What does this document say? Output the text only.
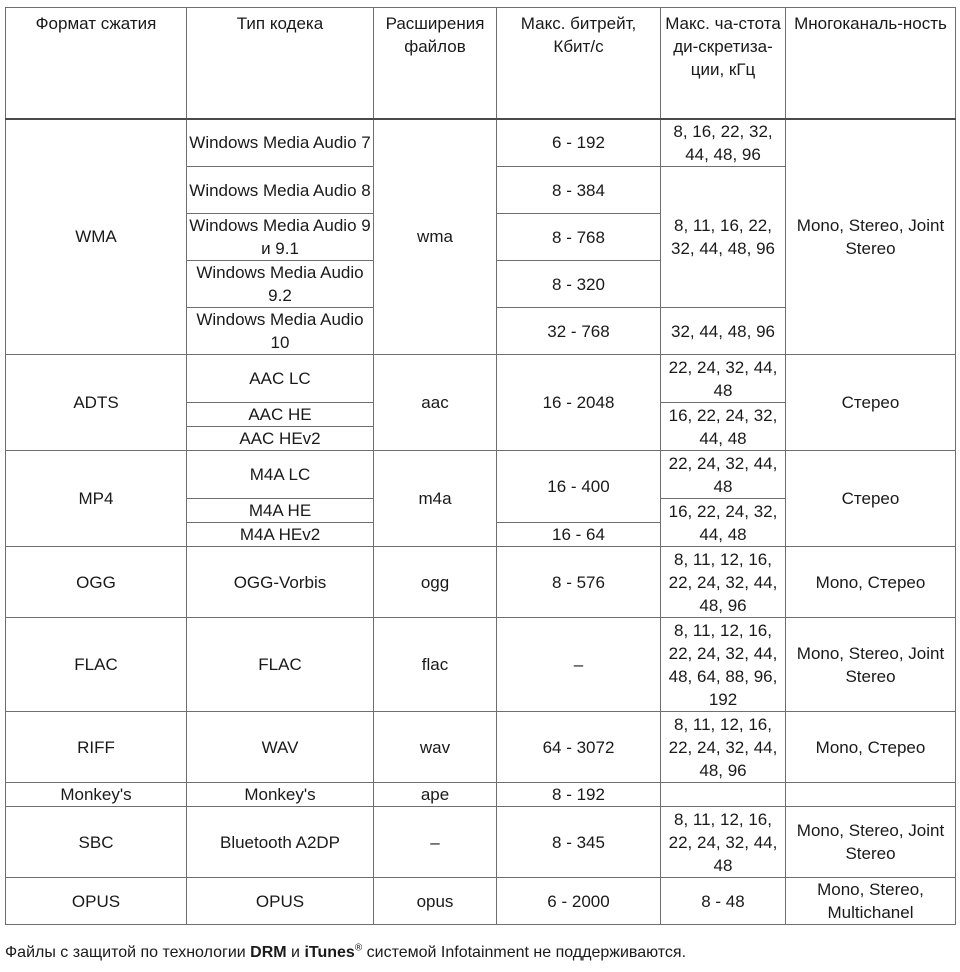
Формат сжатия	Тип кодека	Расширения файлов	Макс. битрейт, Кбит/с	Макс. ча-стота ди-скретиза-ции, кГц	Многоканаль-ность
WMA	Windows Media Audio 7	wma	6 - 192	8, 16, 22, 32, 44, 48, 96	Mono, Stereo, Joint Stereo
	Windows Media Audio 8		8 - 384	8, 11, 16, 22, 32, 44, 48, 96	
	Windows Media Audio 9 и 9.1		8 - 768		
	Windows Media Audio 9.2		8 - 320		
	Windows Media Audio 10		32 - 768	32, 44, 48, 96	
ADTS	AAC LC	aac	16 - 2048	22, 24, 32, 44, 48	Стерео
	AAC HE			16, 22, 24, 32, 44, 48	
	AAC HEv2				
MP4	M4A LC	m4a	16 - 400	22, 24, 32, 44, 48	Стерео
	M4A HE			16, 22, 24, 32, 44, 48	
	M4A HEv2		16 - 64		
OGG	OGG-Vorbis	ogg	8 - 576	8, 11, 12, 16, 22, 24, 32, 44, 48, 96	Mono, Стерео
FLAC	FLAC	flac	–	8, 11, 12, 16, 22, 24, 32, 44, 48, 64, 88, 96, 192	Mono, Stereo, Joint Stereo
RIFF	WAV	wav	64 - 3072	8, 11, 12, 16, 22, 24, 32, 44, 48, 96	Mono, Стерео
Monkey's	Monkey's	ape	8 - 192		
SBC	Bluetooth A2DP	–	8 - 345	8, 11, 12, 16, 22, 24, 32, 44, 48	Mono, Stereo, Joint Stereo
OPUS	OPUS	opus	6 - 2000	8 - 48	Mono, Stereo, Multichanel

Файлы с защитой по технологии DRM и iTunes® системой Infotainment не поддерживаются.
